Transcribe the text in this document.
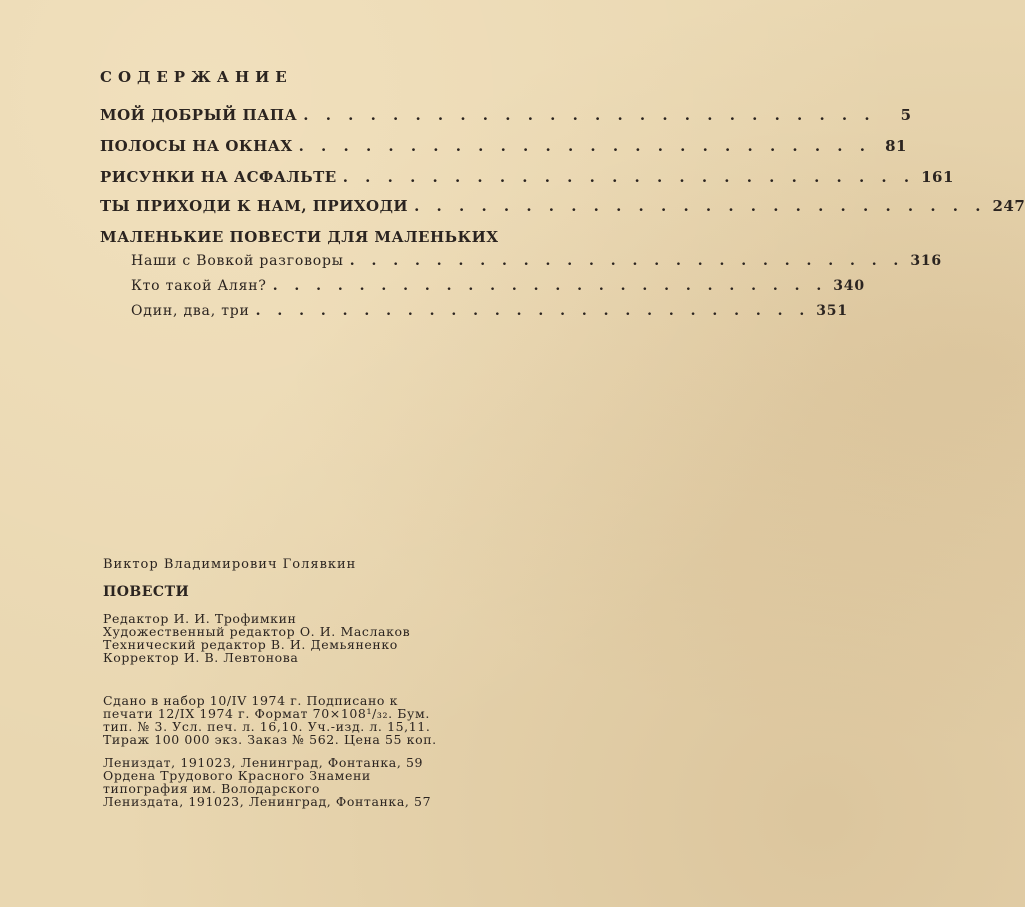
СОДЕРЖАНИЕ
МОЙ ДОБРЫЙ ПАПА . . . . . . . . . . . . . . . . . . . . . . . . . .	5
ПОЛОСЫ НА ОКНАХ . . . . . . . . . . . . . . . . . . . . . . . . . . 81
РИСУНКИ НА АСФАЛЬТЕ . . . . . . . . . . . . . . . . . . . . . . . . . . 161
ТЫ ПРИХОДИ К НАМ, ПРИХОДИ . . . . . . . . . . . . . . . . . . . . . . . . . . 247
МАЛЕНЬКИЕ ПОВЕСТИ ДЛЯ МАЛЕНЬКИХ
Наши с Вовкой разговоры . . . . . . . . . . . . . . . . . . . . . . . . . . 316
Кто такой Алян? . . . . . . . . . . . . . . . . . . . . . . . . . . 340
Один, два, три . . . . . . . . . . . . . . . . . . . . . . . . . . 351
Виктор Владимирович Голявкин
ПОВЕСТИ
Редактор И. И. Трофимкин
Художественный редактор О. И. Маслаков
Технический редактор В. И. Демьяненко
Корректор И. В. Левтонова
Сдано в набор 10/IV 1974 г. Подписано к
печати 12/IX 1974 г. Формат 70×108¹/₃₂. Бум.
тип. № 3. Усл. печ. л. 16,10. Уч.-изд. л. 15,11.
Тираж 100 000 экз. Заказ № 562. Цена 55 коп.
Лениздат, 191023, Ленинград, Фонтанка, 59
Ордена Трудового Красного Знамени
типография им. Володарского
Лениздата, 191023, Ленинград, Фонтанка, 57
